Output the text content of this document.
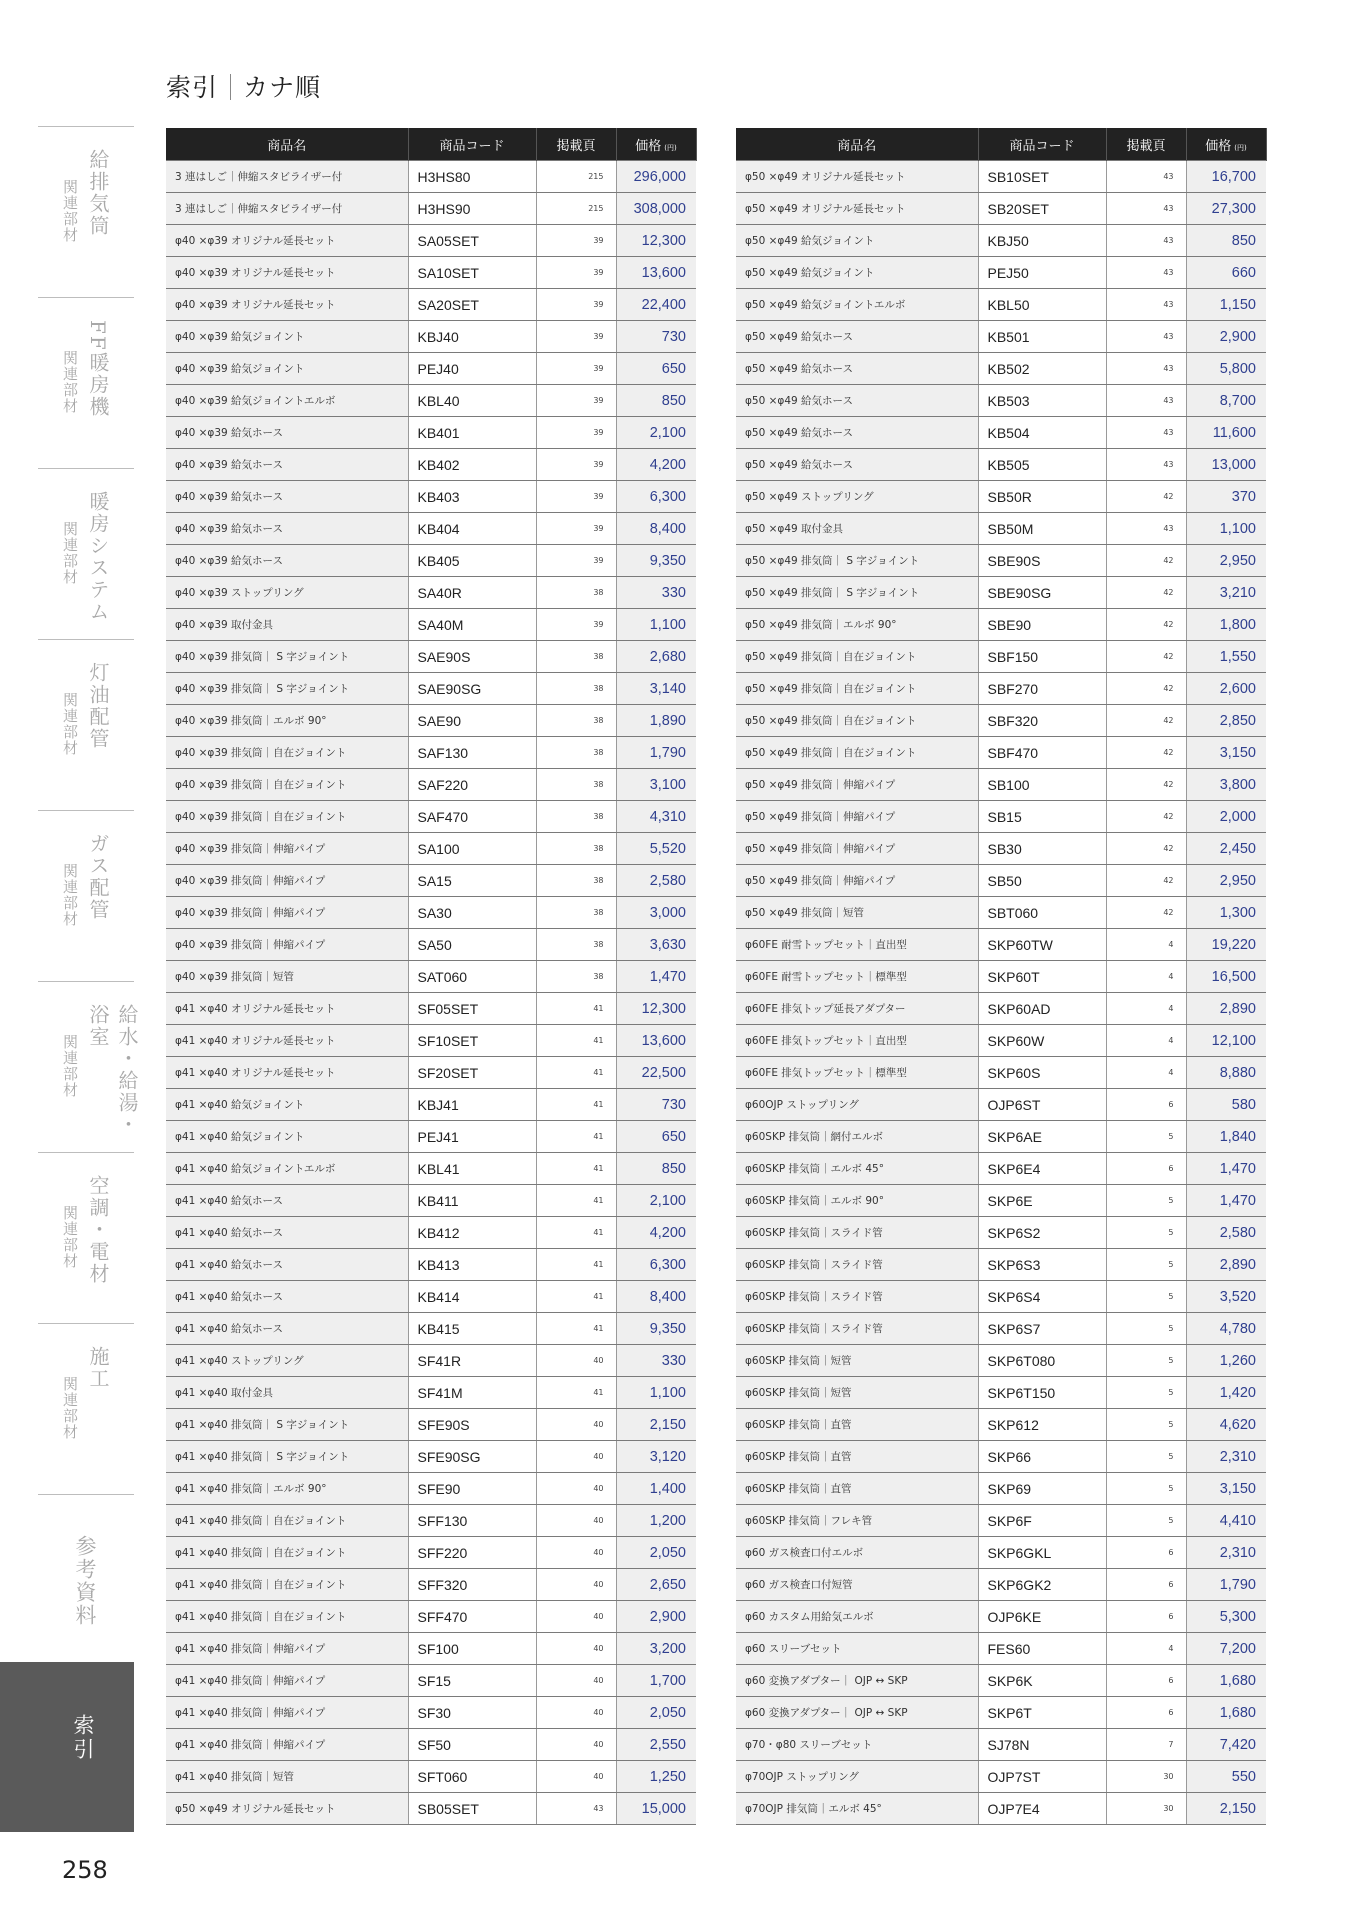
索引 カナ順
給排気筒
関連部材
FF暖房機
関連部材
暖房システム
関連部材
灯油配管
関連部材
ガス配管
関連部材
給水・給湯・浴室
関連部材
空調・電材
関連部材
施工
関連部材
参考資料
索引
商品名	商品コード	掲載頁	価格 (円)
3 連はしご｜伸縮スタビライザー付	H3HS80	215	296,000
3 連はしご｜伸縮スタビライザー付	H3HS90	215	308,000
φ40 ×φ39 オリジナル延長セット	SA05SET	39	12,300
φ40 ×φ39 オリジナル延長セット	SA10SET	39	13,600
φ40 ×φ39 オリジナル延長セット	SA20SET	39	22,400
φ40 ×φ39 給気ジョイント	KBJ40	39	730
φ40 ×φ39 給気ジョイント	PEJ40	39	650
φ40 ×φ39 給気ジョイントエルボ	KBL40	39	850
φ40 ×φ39 給気ホース	KB401	39	2,100
φ40 ×φ39 給気ホース	KB402	39	4,200
φ40 ×φ39 給気ホース	KB403	39	6,300
φ40 ×φ39 給気ホース	KB404	39	8,400
φ40 ×φ39 給気ホース	KB405	39	9,350
φ40 ×φ39 ストップリング	SA40R	38	330
φ40 ×φ39 取付金具	SA40M	39	1,100
φ40 ×φ39 排気筒｜ S 字ジョイント	SAE90S	38	2,680
φ40 ×φ39 排気筒｜ S 字ジョイント	SAE90SG	38	3,140
φ40 ×φ39 排気筒｜エルボ 90°	SAE90	38	1,890
φ40 ×φ39 排気筒｜自在ジョイント	SAF130	38	1,790
φ40 ×φ39 排気筒｜自在ジョイント	SAF220	38	3,100
φ40 ×φ39 排気筒｜自在ジョイント	SAF470	38	4,310
φ40 ×φ39 排気筒｜伸縮パイプ	SA100	38	5,520
φ40 ×φ39 排気筒｜伸縮パイプ	SA15	38	2,580
φ40 ×φ39 排気筒｜伸縮パイプ	SA30	38	3,000
φ40 ×φ39 排気筒｜伸縮パイプ	SA50	38	3,630
φ40 ×φ39 排気筒｜短管	SAT060	38	1,470
φ41 ×φ40 オリジナル延長セット	SF05SET	41	12,300
φ41 ×φ40 オリジナル延長セット	SF10SET	41	13,600
φ41 ×φ40 オリジナル延長セット	SF20SET	41	22,500
φ41 ×φ40 給気ジョイント	KBJ41	41	730
φ41 ×φ40 給気ジョイント	PEJ41	41	650
φ41 ×φ40 給気ジョイントエルボ	KBL41	41	850
φ41 ×φ40 給気ホース	KB411	41	2,100
φ41 ×φ40 給気ホース	KB412	41	4,200
φ41 ×φ40 給気ホース	KB413	41	6,300
φ41 ×φ40 給気ホース	KB414	41	8,400
φ41 ×φ40 給気ホース	KB415	41	9,350
φ41 ×φ40 ストップリング	SF41R	40	330
φ41 ×φ40 取付金具	SF41M	41	1,100
φ41 ×φ40 排気筒｜ S 字ジョイント	SFE90S	40	2,150
φ41 ×φ40 排気筒｜ S 字ジョイント	SFE90SG	40	3,120
φ41 ×φ40 排気筒｜エルボ 90°	SFE90	40	1,400
φ41 ×φ40 排気筒｜自在ジョイント	SFF130	40	1,200
φ41 ×φ40 排気筒｜自在ジョイント	SFF220	40	2,050
φ41 ×φ40 排気筒｜自在ジョイント	SFF320	40	2,650
φ41 ×φ40 排気筒｜自在ジョイント	SFF470	40	2,900
φ41 ×φ40 排気筒｜伸縮パイプ	SF100	40	3,200
φ41 ×φ40 排気筒｜伸縮パイプ	SF15	40	1,700
φ41 ×φ40 排気筒｜伸縮パイプ	SF30	40	2,050
φ41 ×φ40 排気筒｜伸縮パイプ	SF50	40	2,550
φ41 ×φ40 排気筒｜短管	SFT060	40	1,250
φ50 ×φ49 オリジナル延長セット	SB05SET	43	15,000
商品名	商品コード	掲載頁	価格 (円)
φ50 ×φ49 オリジナル延長セット	SB10SET	43	16,700
φ50 ×φ49 オリジナル延長セット	SB20SET	43	27,300
φ50 ×φ49 給気ジョイント	KBJ50	43	850
φ50 ×φ49 給気ジョイント	PEJ50	43	660
φ50 ×φ49 給気ジョイントエルボ	KBL50	43	1,150
φ50 ×φ49 給気ホース	KB501	43	2,900
φ50 ×φ49 給気ホース	KB502	43	5,800
φ50 ×φ49 給気ホース	KB503	43	8,700
φ50 ×φ49 給気ホース	KB504	43	11,600
φ50 ×φ49 給気ホース	KB505	43	13,000
φ50 ×φ49 ストップリング	SB50R	42	370
φ50 ×φ49 取付金具	SB50M	43	1,100
φ50 ×φ49 排気筒｜ S 字ジョイント	SBE90S	42	2,950
φ50 ×φ49 排気筒｜ S 字ジョイント	SBE90SG	42	3,210
φ50 ×φ49 排気筒｜エルボ 90°	SBE90	42	1,800
φ50 ×φ49 排気筒｜自在ジョイント	SBF150	42	1,550
φ50 ×φ49 排気筒｜自在ジョイント	SBF270	42	2,600
φ50 ×φ49 排気筒｜自在ジョイント	SBF320	42	2,850
φ50 ×φ49 排気筒｜自在ジョイント	SBF470	42	3,150
φ50 ×φ49 排気筒｜伸縮パイプ	SB100	42	3,800
φ50 ×φ49 排気筒｜伸縮パイプ	SB15	42	2,000
φ50 ×φ49 排気筒｜伸縮パイプ	SB30	42	2,450
φ50 ×φ49 排気筒｜伸縮パイプ	SB50	42	2,950
φ50 ×φ49 排気筒｜短管	SBT060	42	1,300
φ60FE 耐雪トップセット｜直出型	SKP60TW	4	19,220
φ60FE 耐雪トップセット｜標準型	SKP60T	4	16,500
φ60FE 排気トップ延長アダプター	SKP60AD	4	2,890
φ60FE 排気トップセット｜直出型	SKP60W	4	12,100
φ60FE 排気トップセット｜標準型	SKP60S	4	8,880
φ60OJP ストップリング	OJP6ST	6	580
φ60SKP 排気筒｜網付エルボ	SKP6AE	5	1,840
φ60SKP 排気筒｜エルボ 45°	SKP6E4	6	1,470
φ60SKP 排気筒｜エルボ 90°	SKP6E	5	1,470
φ60SKP 排気筒｜スライド管	SKP6S2	5	2,580
φ60SKP 排気筒｜スライド管	SKP6S3	5	2,890
φ60SKP 排気筒｜スライド管	SKP6S4	5	3,520
φ60SKP 排気筒｜スライド管	SKP6S7	5	4,780
φ60SKP 排気筒｜短管	SKP6T080	5	1,260
φ60SKP 排気筒｜短管	SKP6T150	5	1,420
φ60SKP 排気筒｜直管	SKP612	5	4,620
φ60SKP 排気筒｜直管	SKP66	5	2,310
φ60SKP 排気筒｜直管	SKP69	5	3,150
φ60SKP 排気筒｜フレキ管	SKP6F	5	4,410
φ60 ガス検査口付エルボ	SKP6GKL	6	2,310
φ60 ガス検査口付短管	SKP6GK2	6	1,790
φ60 カスタム用給気エルボ	OJP6KE	6	5,300
φ60 スリーブセット	FES60	4	7,200
φ60 変換アダプター｜ OJP ↔ SKP	SKP6K	6	1,680
φ60 変換アダプター｜ OJP ↔ SKP	SKP6T	6	1,680
φ70・φ80 スリーブセット	SJ78N	7	7,420
φ70OJP ストップリング	OJP7ST	30	550
φ70OJP 排気筒｜エルボ 45°	OJP7E4	30	2,150
258
